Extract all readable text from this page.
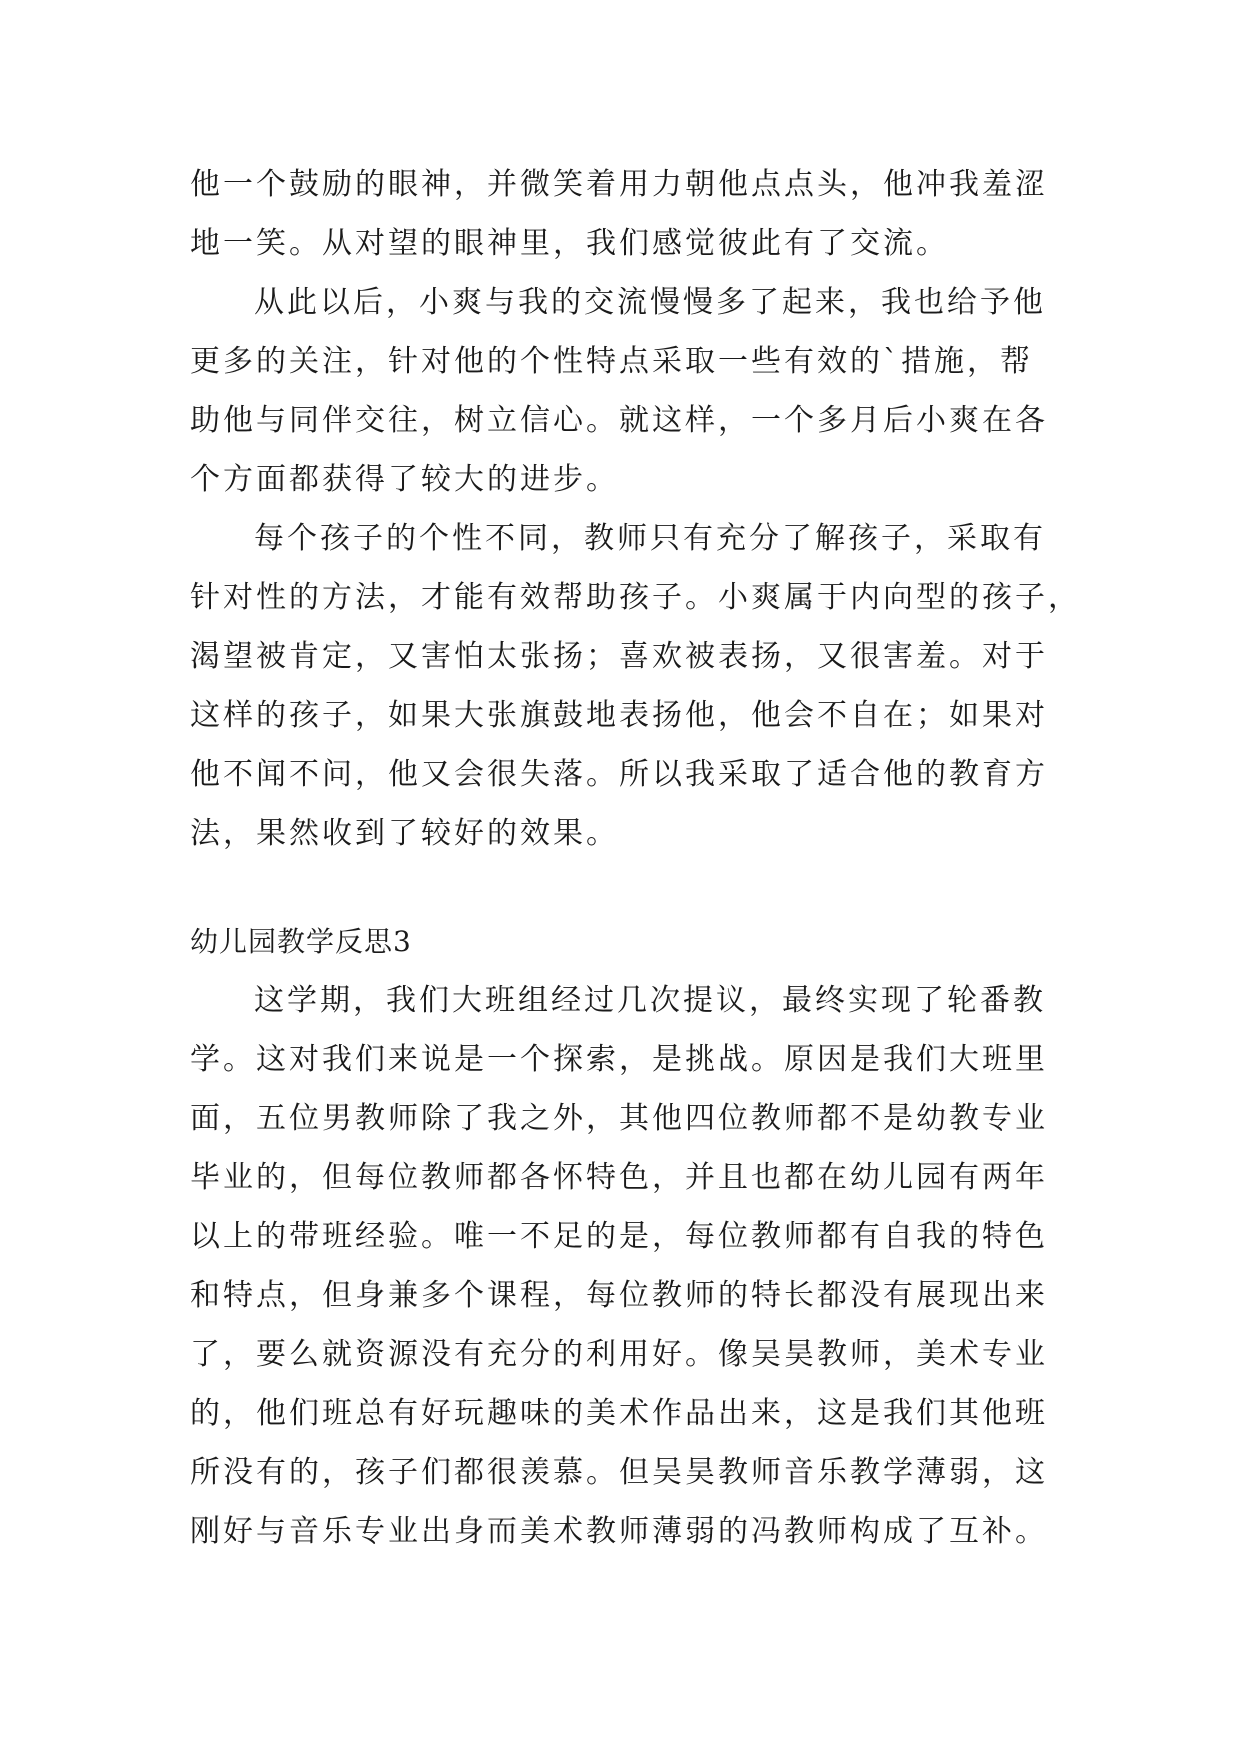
他一个鼓励的眼神，并微笑着用力朝他点点头，他冲我羞涩
地一笑。从对望的眼神里，我们感觉彼此有了交流。
从此以后，小爽与我的交流慢慢多了起来，我也给予他
更多的关注，针对他的个性特点采取一些有效的`措施，帮
助他与同伴交往，树立信心。就这样，一个多月后小爽在各
个方面都获得了较大的进步。
每个孩子的个性不同，教师只有充分了解孩子，采取有
针对性的方法，才能有效帮助孩子。小爽属于内向型的孩子，
渴望被肯定，又害怕太张扬；喜欢被表扬，又很害羞。对于
这样的孩子，如果大张旗鼓地表扬他，他会不自在；如果对
他不闻不问，他又会很失落。所以我采取了适合他的教育方
法，果然收到了较好的效果。
幼儿园教学反思3
这学期，我们大班组经过几次提议，最终实现了轮番教
学。这对我们来说是一个探索，是挑战。原因是我们大班里
面，五位男教师除了我之外，其他四位教师都不是幼教专业
毕业的，但每位教师都各怀特色，并且也都在幼儿园有两年
以上的带班经验。唯一不足的是，每位教师都有自我的特色
和特点，但身兼多个课程，每位教师的特长都没有展现出来
了，要么就资源没有充分的利用好。像吴昊教师，美术专业
的，他们班总有好玩趣味的美术作品出来，这是我们其他班
所没有的，孩子们都很羡慕。但吴昊教师音乐教学薄弱，这
刚好与音乐专业出身而美术教师薄弱的冯教师构成了互补。
